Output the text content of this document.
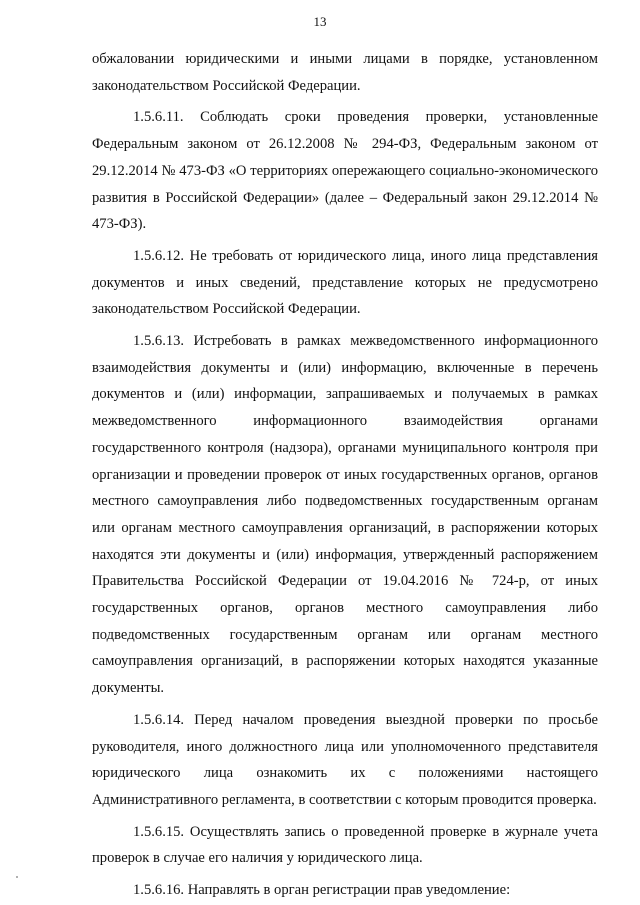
13

обжаловании юридическими и иными лицами в порядке, установленном законодательством Российской Федерации.

1.5.6.11. Соблюдать сроки проведения проверки, установленные Федеральным законом от 26.12.2008 № 294-ФЗ, Федеральным законом от 29.12.2014 № 473-ФЗ «О территориях опережающего социально-экономического развития в Российской Федерации» (далее – Федеральный закон 29.12.2014 № 473-ФЗ).

1.5.6.12. Не требовать от юридического лица, иного лица представления документов и иных сведений, представление которых не предусмотрено законодательством Российской Федерации.

1.5.6.13. Истребовать в рамках межведомственного информационного взаимодействия документы и (или) информацию, включенные в перечень документов и (или) информации, запрашиваемых и получаемых в рамках межведомственного информационного взаимодействия органами государственного контроля (надзора), органами муниципального контроля при организации и проведении проверок от иных государственных органов, органов местного самоуправления либо подведомственных государственным органам или органам местного самоуправления организаций, в распоряжении которых находятся эти документы и (или) информация, утвержденный распоряжением Правительства Российской Федерации от 19.04.2016 № 724-р, от иных государственных органов, органов местного самоуправления либо подведомственных государственным органам или органам местного самоуправления организаций, в распоряжении которых находятся указанные документы.

1.5.6.14. Перед началом проведения выездной проверки по просьбе руководителя, иного должностного лица или уполномоченного представителя юридического лица ознакомить их с положениями настоящего Административного регламента, в соответствии с которым проводится проверка.

1.5.6.15. Осуществлять запись о проведенной проверке в журнале учета проверок в случае его наличия у юридического лица.

1.5.6.16. Направлять в орган регистрации прав уведомление:
